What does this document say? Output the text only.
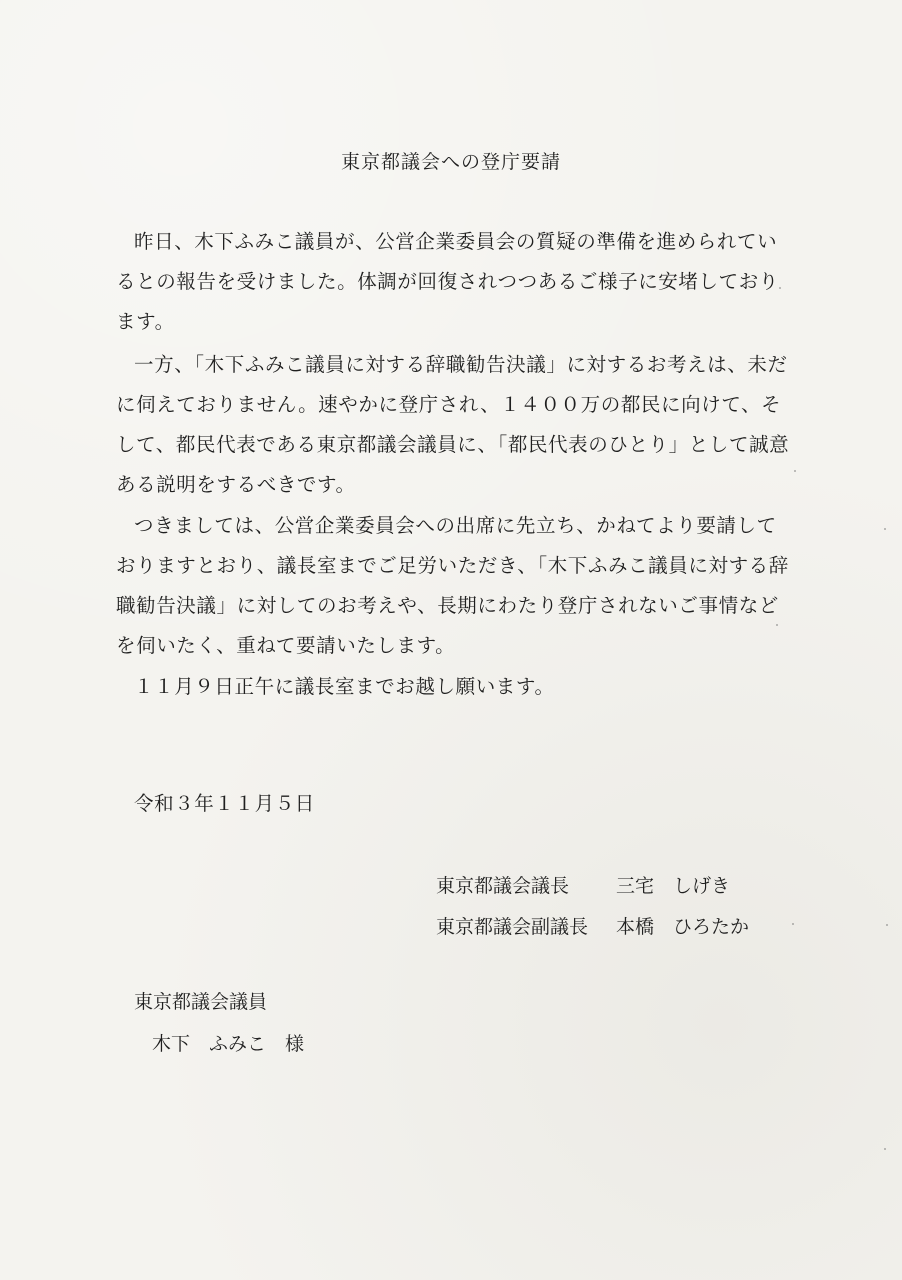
東京都議会への登庁要請
昨日、木下ふみこ議員が、公営企業委員会の質疑の準備を進められてい
るとの報告を受けました。体調が回復されつつあるご様子に安堵しており
ます。
一方、「木下ふみこ議員に対する辞職勧告決議」に対するお考えは、未だ
に伺えておりません。速やかに登庁され、１４００万の都民に向けて、そ
して、都民代表である東京都議会議員に、「都民代表のひとり」として誠意
ある説明をするべきです。
つきましては、公営企業委員会への出席に先立ち、かねてより要請して
おりますとおり、議長室までご足労いただき、「木下ふみこ議員に対する辞
職勧告決議」に対してのお考えや、長期にわたり登庁されないご事情など
を伺いたく、重ねて要請いたします。
１１月９日正午に議長室までお越し願います。
令和３年１１月５日
東京都議会議長 三宅　しげき
東京都議会副議長 本橋　ひろたか
東京都議会議員
木下　ふみこ　様
